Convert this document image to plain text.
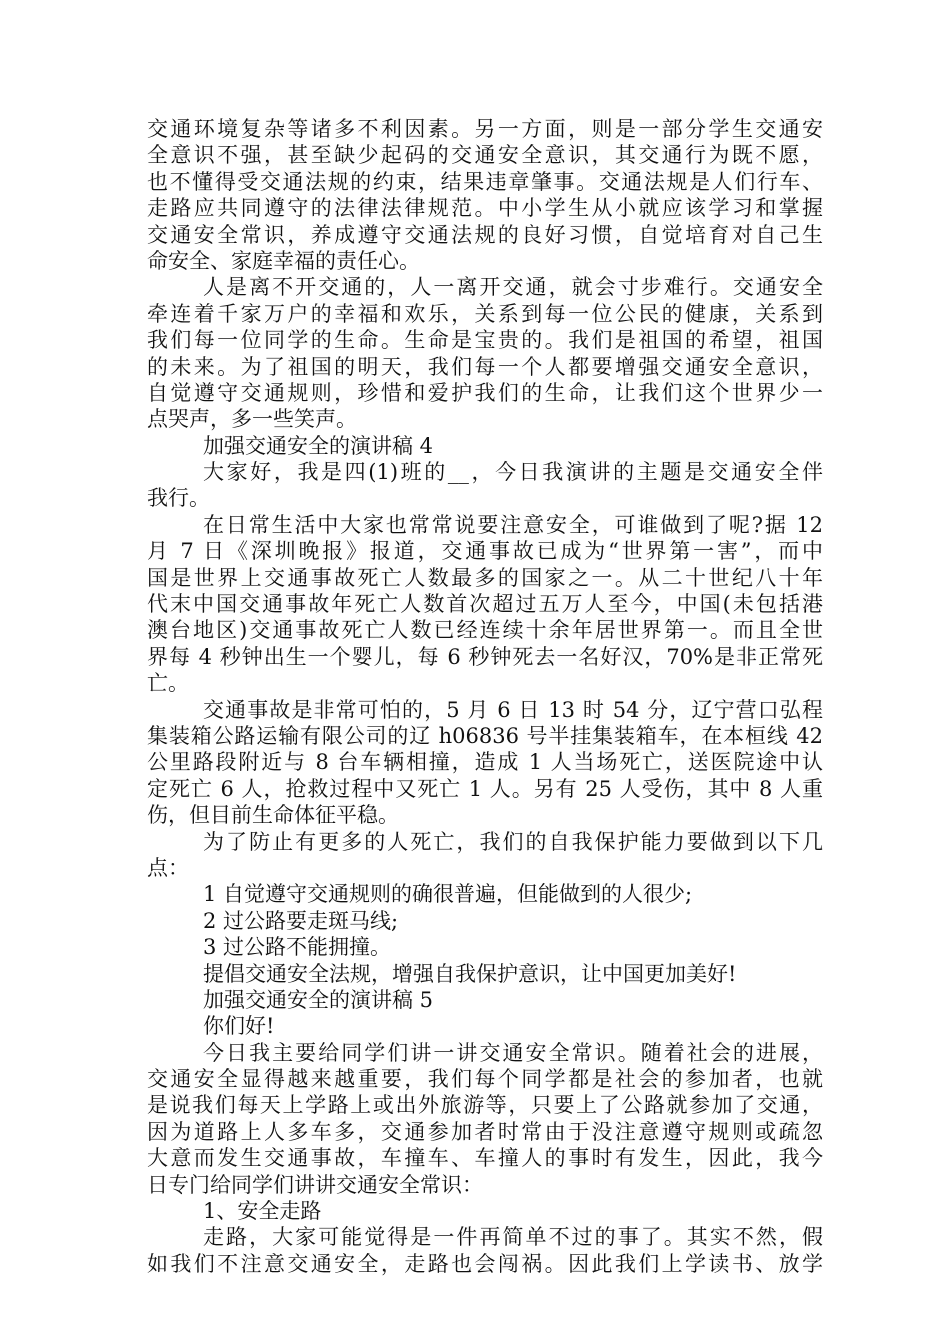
交通环境复杂等诸多不利因素。另一方面，则是一部分学生交通安
全意识不强，甚至缺少起码的交通安全意识，其交通行为既不愿，
也不懂得受交通法规的约束，结果违章肇事。交通法规是人们行车、
走路应共同遵守的法律法律规范。中小学生从小就应该学习和掌握
交通安全常识，养成遵守交通法规的良好习惯，自觉培育对自己生
命安全、家庭幸福的责任心。
人是离不开交通的，人一离开交通，就会寸步难行。交通安全
牵连着千家万户的幸福和欢乐，关系到每一位公民的健康，关系到
我们每一位同学的生命。生命是宝贵的。我们是祖国的希望，祖国
的未来。为了祖国的明天，我们每一个人都要增强交通安全意识，
自觉遵守交通规则，珍惜和爱护我们的生命，让我们这个世界少一
点哭声，多一些笑声。
加强交通安全的演讲稿 4
大家好，我是四(1)班的__，今日我演讲的主题是交通安全伴
我行。
在日常生活中大家也常常说要注意安全，可谁做到了呢?据 12
月 7 日《深圳晚报》报道，交通事故已成为“世界第一害”，而中
国是世界上交通事故死亡人数最多的国家之一。从二十世纪八十年
代末中国交通事故年死亡人数首次超过五万人至今，中国(未包括港
澳台地区)交通事故死亡人数已经连续十余年居世界第一。而且全世
界每 4 秒钟出生一个婴儿，每 6 秒钟死去一名好汉，70%是非正常死
亡。
交通事故是非常可怕的，5 月 6 日 13 时 54 分，辽宁营口弘程
集装箱公路运输有限公司的辽 h06836 号半挂集装箱车，在本桓线 42
公里路段附近与 8 台车辆相撞，造成 1 人当场死亡，送医院途中认
定死亡 6 人，抢救过程中又死亡 1 人。另有 25 人受伤，其中 8 人重
伤，但目前生命体征平稳。
为了防止有更多的人死亡，我们的自我保护能力要做到以下几
点：
1 自觉遵守交通规则的确很普遍，但能做到的人很少;
2 过公路要走斑马线;
3 过公路不能拥撞。
提倡交通安全法规，增强自我保护意识，让中国更加美好!
加强交通安全的演讲稿 5
你们好!
今日我主要给同学们讲一讲交通安全常识。随着社会的进展，
交通安全显得越来越重要，我们每个同学都是社会的参加者，也就
是说我们每天上学路上或出外旅游等，只要上了公路就参加了交通，
因为道路上人多车多，交通参加者时常由于没注意遵守规则或疏忽
大意而发生交通事故，车撞车、车撞人的事时有发生，因此，我今
日专门给同学们讲讲交通安全常识：
1、安全走路
走路，大家可能觉得是一件再简单不过的事了。其实不然，假
如我们不注意交通安全，走路也会闯祸。因此我们上学读书、放学
